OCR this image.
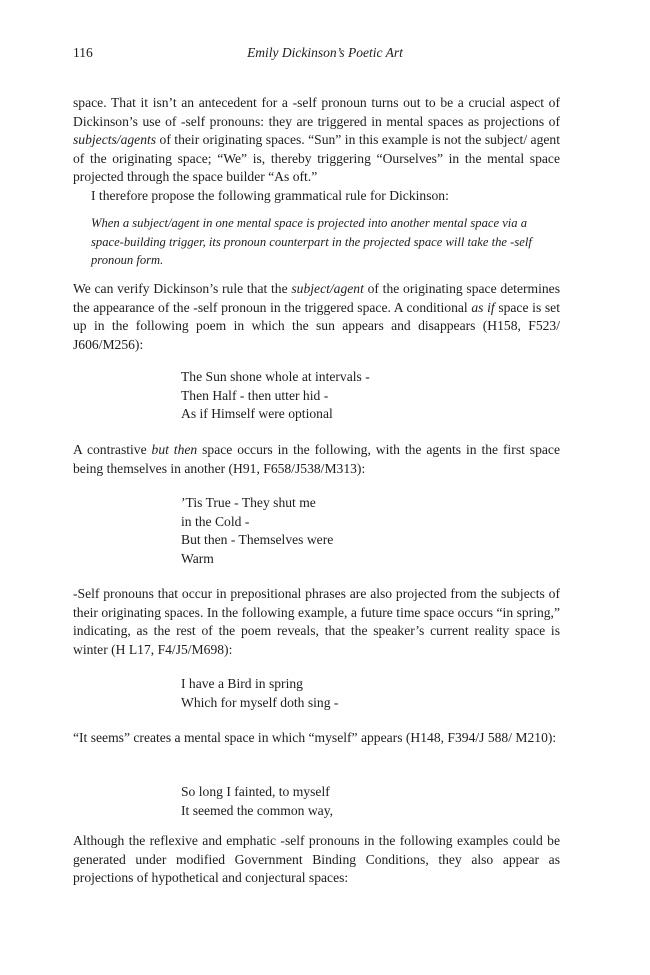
116	Emily Dickinson’s Poetic Art

space. That it isn’t an antecedent for a -self pronoun turns out to be a crucial aspect of Dickinson’s use of -self pronouns: they are triggered in mental spaces as projections of subjects/agents of their originating spaces. “Sun” in this example is not the subject/ agent of the originating space; “We” is, thereby triggering “Ourselves” in the mental space projected through the space builder “As oft.”

I therefore propose the following grammatical rule for Dickinson:

When a subject/agent in one mental space is projected into another mental space via a space-building trigger, its pronoun counterpart in the projected space will take the -self pronoun form.

We can verify Dickinson’s rule that the subject/agent of the originating space determines the appearance of the -self pronoun in the triggered space. A conditional as if space is set up in the following poem in which the sun appears and disappears (H158, F523/ J606/M256):

The Sun shone whole at intervals -
Then Half - then utter hid -
As if Himself were optional

A contrastive but then space occurs in the following, with the agents in the first space being themselves in another (H91, F658/J538/M313):

’Tis True - They shut me
in the Cold -
But then - Themselves were
Warm

-Self pronouns that occur in prepositional phrases are also projected from the subjects of their originating spaces. In the following example, a future time space occurs “in spring,” indicating, as the rest of the poem reveals, that the speaker’s current reality space is winter (H L17, F4/J5/M698):

I have a Bird in spring
Which for myself doth sing -

“It seems” creates a mental space in which “myself” appears (H148, F394/J 588/ M210):

So long I fainted, to myself
It seemed the common way,

Although the reflexive and emphatic -self pronouns in the following examples could be generated under modified Government Binding Conditions, they also appear as projections of hypothetical and conjectural spaces:
